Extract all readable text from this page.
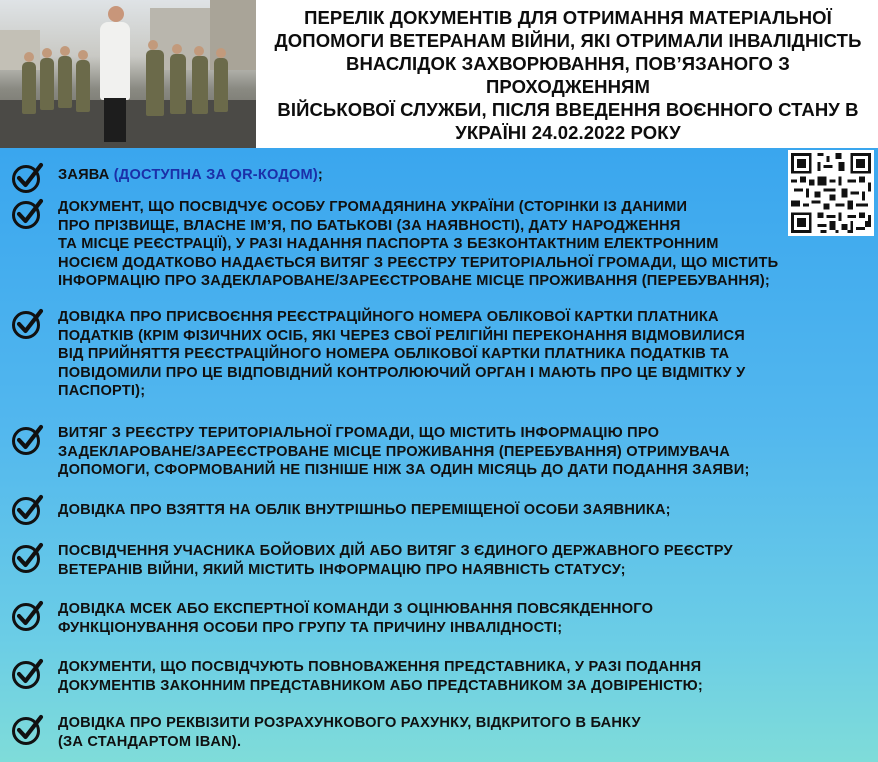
ПЕРЕЛІК ДОКУМЕНТІВ ДЛЯ ОТРИМАННЯ МАТЕРІАЛЬНОЇ
ДОПОМОГИ ВЕТЕРАНАМ ВІЙНИ, ЯКІ ОТРИМАЛИ ІНВАЛІДНІСТЬ
ВНАСЛІДОК ЗАХВОРЮВАННЯ, ПОВ’ЯЗАНОГО З ПРОХОДЖЕННЯМ
ВІЙСЬКОВОЇ СЛУЖБИ, ПІСЛЯ ВВЕДЕННЯ ВОЄННОГО СТАНУ В
УКРАЇНІ 24.02.2022 РОКУ
ЗАЯВА (ДОСТУПНА ЗА QR-КОДОМ);
ДОКУМЕНТ, ЩО ПОСВІДЧУЄ ОСОБУ ГРОМАДЯНИНА УКРАЇНИ (СТОРІНКИ ІЗ ДАНИМИ
ПРО ПРІЗВИЩЕ, ВЛАСНЕ ІМ’Я, ПО БАТЬКОВІ (ЗА НАЯВНОСТІ), ДАТУ НАРОДЖЕННЯ
ТА МІСЦЕ РЕЄСТРАЦІЇ), У РАЗІ НАДАННЯ ПАСПОРТА З БЕЗКОНТАКТНИМ ЕЛЕКТРОННИМ
НОСІЄМ ДОДАТКОВО НАДАЄТЬСЯ ВИТЯГ З РЕЄСТРУ ТЕРИТОРІАЛЬНОЇ ГРОМАДИ, ЩО МІСТИТЬ
ІНФОРМАЦІЮ ПРО ЗАДЕКЛАРОВАНЕ/ЗАРЕЄСТРОВАНЕ МІСЦЕ ПРОЖИВАННЯ (ПЕРЕБУВАННЯ);
ДОВІДКА ПРО ПРИСВОЄННЯ РЕЄСТРАЦІЙНОГО НОМЕРА ОБЛІКОВОЇ КАРТКИ ПЛАТНИКА
ПОДАТКІВ (КРІМ ФІЗИЧНИХ ОСІБ, ЯКІ ЧЕРЕЗ СВОЇ РЕЛІГІЙНІ ПЕРЕКОНАННЯ ВІДМОВИЛИСЯ
ВІД ПРИЙНЯТТЯ РЕЄСТРАЦІЙНОГО НОМЕРА ОБЛІКОВОЇ КАРТКИ ПЛАТНИКА ПОДАТКІВ ТА
ПОВІДОМИЛИ ПРО ЦЕ ВІДПОВІДНИЙ КОНТРОЛЮЮЧИЙ ОРГАН І МАЮТЬ ПРО ЦЕ ВІДМІТКУ У
ПАСПОРТІ);
ВИТЯГ З РЕЄСТРУ ТЕРИТОРІАЛЬНОЇ ГРОМАДИ, ЩО МІСТИТЬ ІНФОРМАЦІЮ ПРО
ЗАДЕКЛАРОВАНЕ/ЗАРЕЄСТРОВАНЕ МІСЦЕ ПРОЖИВАННЯ (ПЕРЕБУВАННЯ) ОТРИМУВАЧА
ДОПОМОГИ, СФОРМОВАНИЙ НЕ ПІЗНІШЕ НІЖ ЗА ОДИН МІСЯЦЬ ДО ДАТИ ПОДАННЯ ЗАЯВИ;
ДОВІДКА ПРО ВЗЯТТЯ НА ОБЛІК ВНУТРІШНЬО ПЕРЕМІЩЕНОЇ ОСОБИ ЗАЯВНИКА;
ПОСВІДЧЕННЯ УЧАСНИКА БОЙОВИХ ДІЙ АБО ВИТЯГ З ЄДИНОГО ДЕРЖАВНОГО РЕЄСТРУ
ВЕТЕРАНІВ ВІЙНИ, ЯКИЙ МІСТИТЬ ІНФОРМАЦІЮ ПРО НАЯВНІСТЬ СТАТУСУ;
ДОВІДКА МСЕК АБО ЕКСПЕРТНОЇ КОМАНДИ З ОЦІНЮВАННЯ ПОВСЯКДЕННОГО
ФУНКЦІОНУВАННЯ ОСОБИ ПРО ГРУПУ ТА ПРИЧИНУ ІНВАЛІДНОСТІ;
ДОКУМЕНТИ, ЩО ПОСВІДЧУЮТЬ ПОВНОВАЖЕННЯ ПРЕДСТАВНИКА, У РАЗІ ПОДАННЯ
ДОКУМЕНТІВ ЗАКОННИМ ПРЕДСТАВНИКОМ АБО ПРЕДСТАВНИКОМ ЗА ДОВІРЕНІСТЮ;
ДОВІДКА ПРО РЕКВІЗИТИ РОЗРАХУНКОВОГО РАХУНКУ, ВІДКРИТОГО В БАНКУ
(ЗА СТАНДАРТОМ IBAN).
